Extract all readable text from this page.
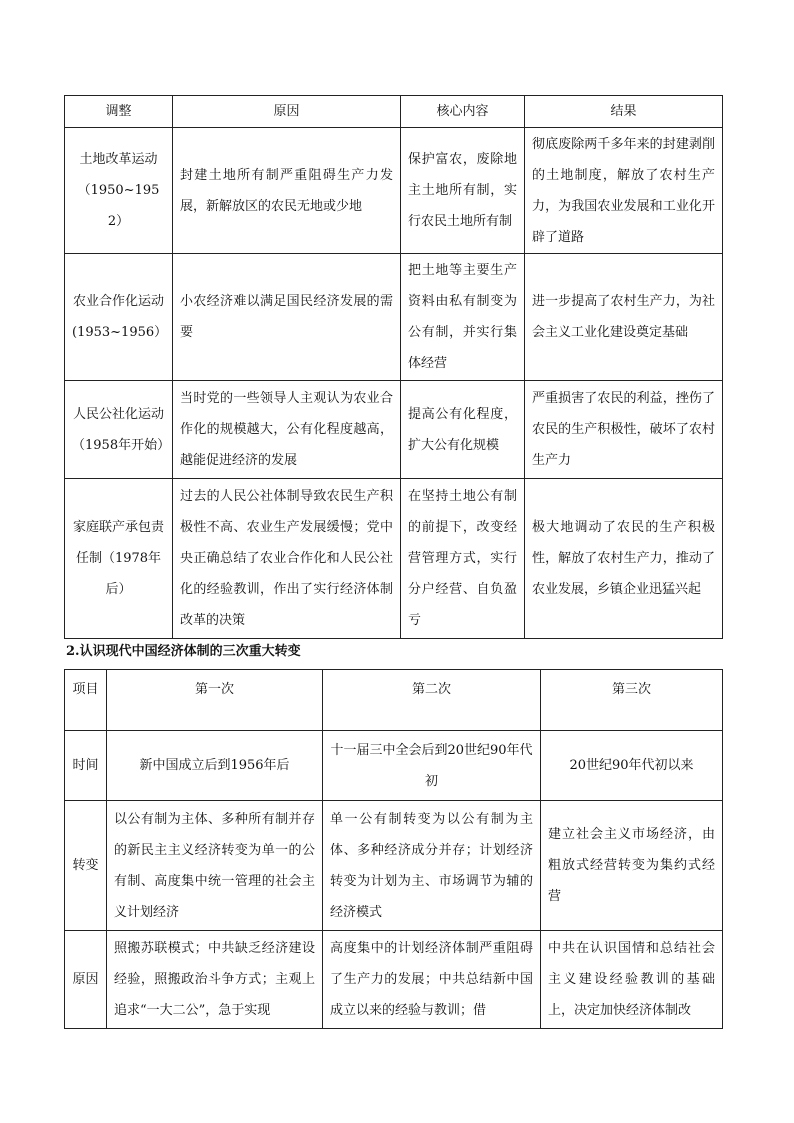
调整	原因	核心内容	结果
土地改革运动（1950~1952）	封建土地所有制严重阻碍生产力发展，新解放区的农民无地或少地	保护富农，废除地主土地所有制，实行农民土地所有制	彻底废除两千多年来的封建剥削的土地制度，解放了农村生产力，为我国农业发展和工业化开辟了道路
农业合作化运动(1953~1956）	小农经济难以满足国民经济发展的需要	把土地等主要生产资料由私有制变为公有制，并实行集体经营	进一步提高了农村生产力，为社会主义工业化建设奠定基础
人民公社化运动（1958年开始）	当时党的一些领导人主观认为农业合作化的规模越大，公有化程度越高，越能促进经济的发展	提高公有化程度，扩大公有化规模	严重损害了农民的利益，挫伤了农民的生产积极性，破坏了农村生产力
家庭联产承包责任制（1978年后）	过去的人民公社体制导致农民生产积极性不高、农业生产发展缓慢；党中央正确总结了农业合作化和人民公社化的经验教训，作出了实行经济体制改革的决策	在坚持土地公有制的前提下，改变经营管理方式，实行分户经营、自负盈亏	极大地调动了农民的生产积极性，解放了农村生产力，推动了农业发展，乡镇企业迅猛兴起
2.认识现代中国经济体制的三次重大转变
项目	第一次	第二次	第三次
时间	新中国成立后到1956年后	十一届三中全会后到20世纪90年代初	20世纪90年代初以来
转变	以公有制为主体、多种所有制并存的新民主主义经济转变为单一的公有制、高度集中统一管理的社会主义计划经济	单一公有制转变为以公有制为主体、多种经济成分并存；计划经济转变为计划为主、市场调节为辅的经济模式	建立社会主义市场经济，由粗放式经营转变为集约式经营
原因	照搬苏联模式；中共缺乏经济建设经验，照搬政治斗争方式；主观上追求“一大二公”，急于实现	高度集中的计划经济体制严重阻碍了生产力的发展；中共总结新中国成立以来的经验与教训；借	中共在认识国情和总结社会主义建设经验教训的基础上，决定加快经济体制改
